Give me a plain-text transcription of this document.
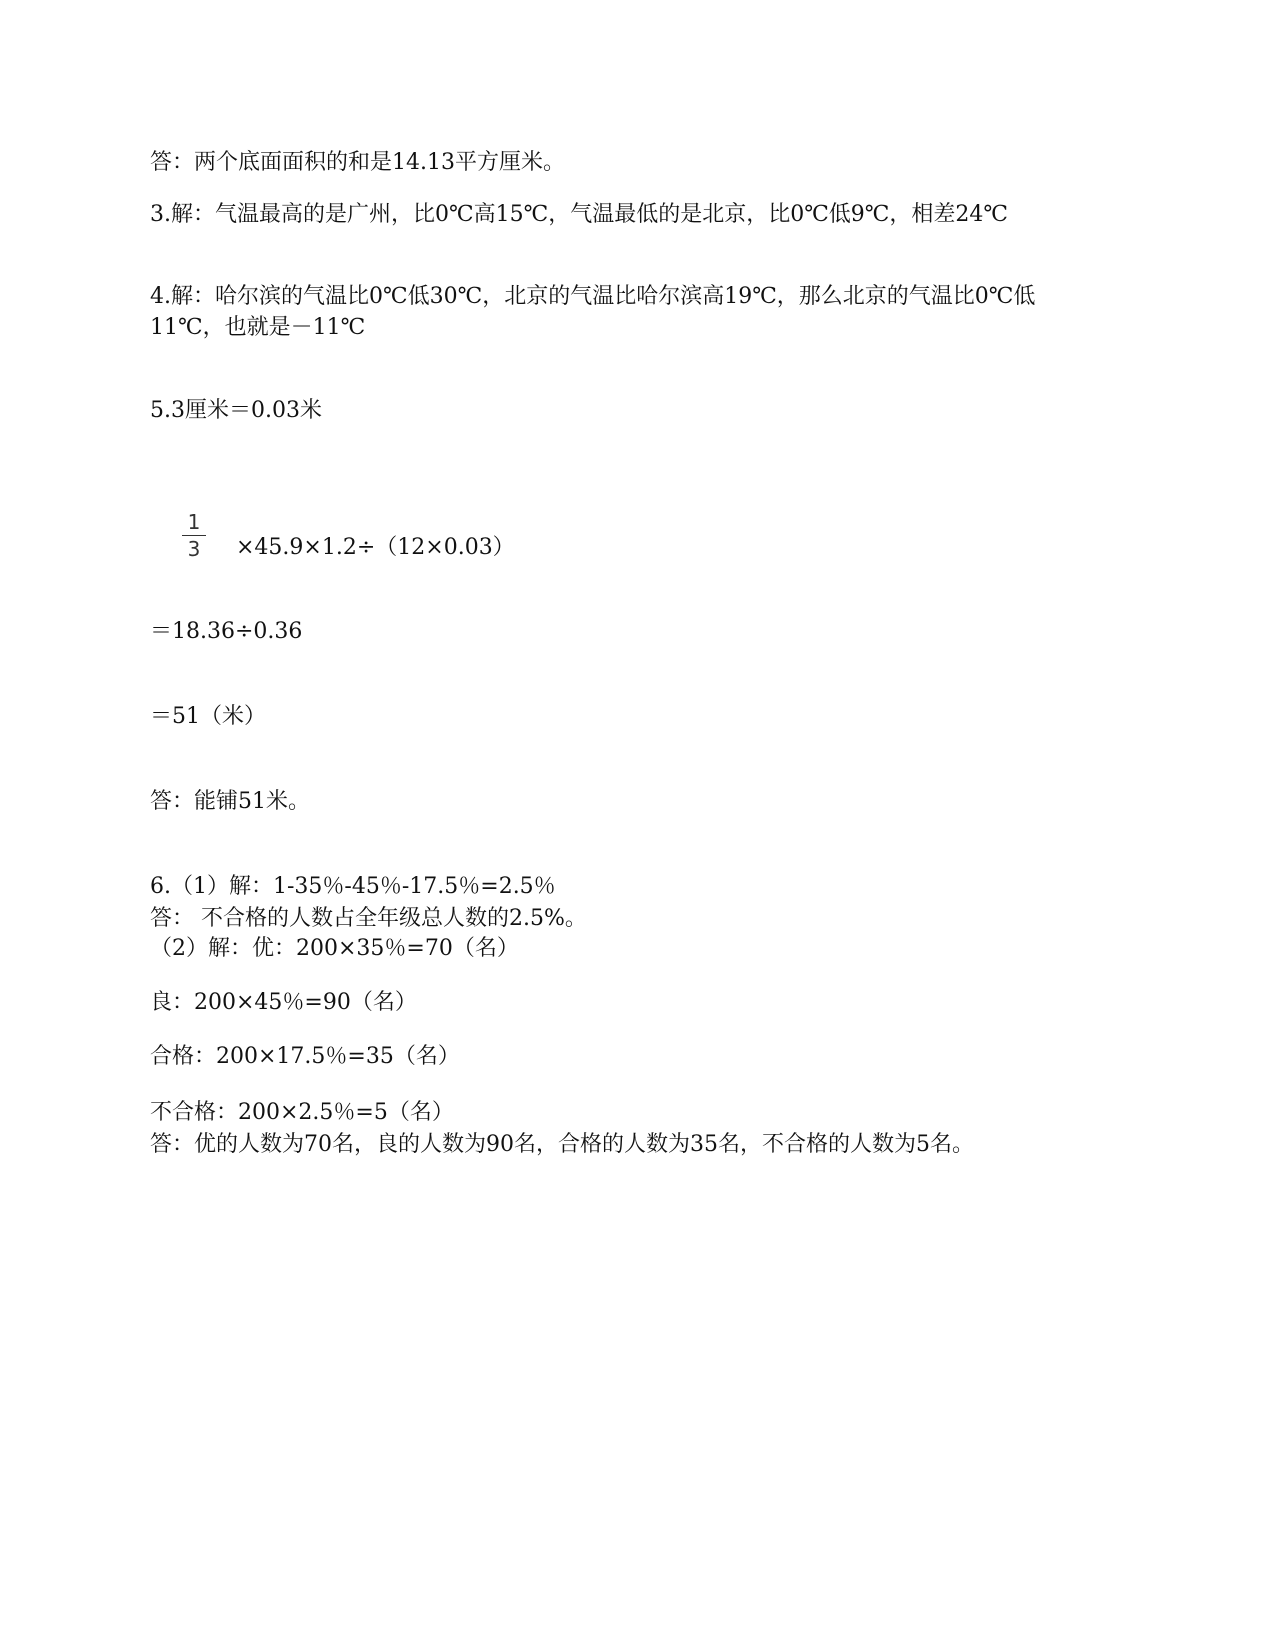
答：两个底面面积的和是14.13平方厘米。
3.解：气温最高的是广州，比0℃高15℃，气温最低的是北京，比0℃低9℃，相差24℃
4.解：哈尔滨的气温比0℃低30℃，北京的气温比哈尔滨高19℃，那么北京的气温比0℃低
11℃，也就是－11℃
5.3厘米＝0.03米
1
3 ×45.9×1.2÷（12×0.03）
＝18.36÷0.36
＝51（米）
答：能铺51米。
6.（1）解：1-35％-45％-17.5％=2.5％
答： 不合格的人数占全年级总人数的2.5%。
（2）解：优：200×35％=70（名）
良：200×45％=90（名）
合格：200×17.5％=35（名）
不合格：200×2.5％=5（名）
答：优的人数为70名，良的人数为90名，合格的人数为35名，不合格的人数为5名。
